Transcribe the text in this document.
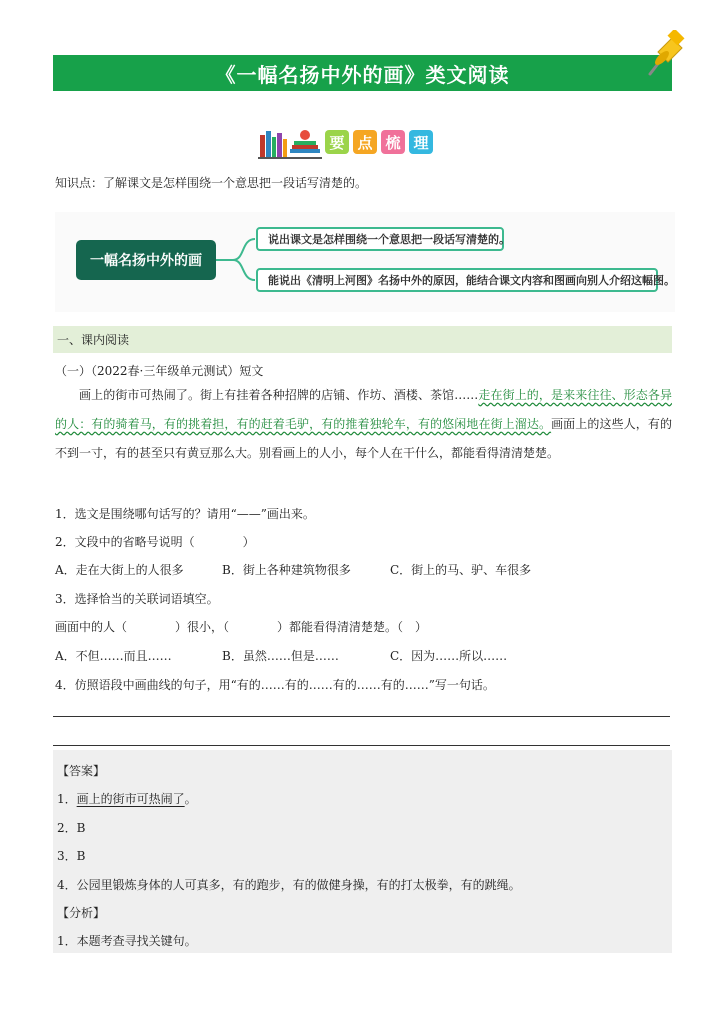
《一幅名扬中外的画》类文阅读
要 点 梳 理
知识点：了解课文是怎样围绕一个意思把一段话写清楚的。
一幅名扬中外的画
说出课文是怎样围绕一个意思把一段话写清楚的。
能说出《清明上河图》名扬中外的原因，能结合课文内容和图画向别人介绍这幅图。
一、课内阅读
（一）（2022春·三年级单元测试）短文
画上的街市可热闹了。街上有挂着各种招牌的店铺、作坊、酒楼、茶馆……走在街上的，是来来往往、形态各异的人：有的骑着马，有的挑着担，有的赶着毛驴，有的推着独轮车，有的悠闲地在街上溜达。画面上的这些人，有的不到一寸，有的甚至只有黄豆那么大。别看画上的人小，每个人在干什么，都能看得清清楚楚。
1．选文是围绕哪句话写的？请用“——”画出来。
2．文段中的省略号说明（　　　　）
A．走在大街上的人很多	B．街上各种建筑物很多	C．街上的马、驴、车很多
3．选择恰当的关联词语填空。
画面中的人（　　　　）很小，（　　　　）都能看得清清楚楚。（　）
A．不但……而且……	B．虽然……但是……	C．因为……所以……
4．仿照语段中画曲线的句子，用“有的……有的……有的……有的……”写一句话。
【答案】
1．画上的街市可热闹了。
2．B
3．B
4．公园里锻炼身体的人可真多，有的跑步，有的做健身操，有的打太极拳，有的跳绳。
【分析】
1．本题考查寻找关键句。
